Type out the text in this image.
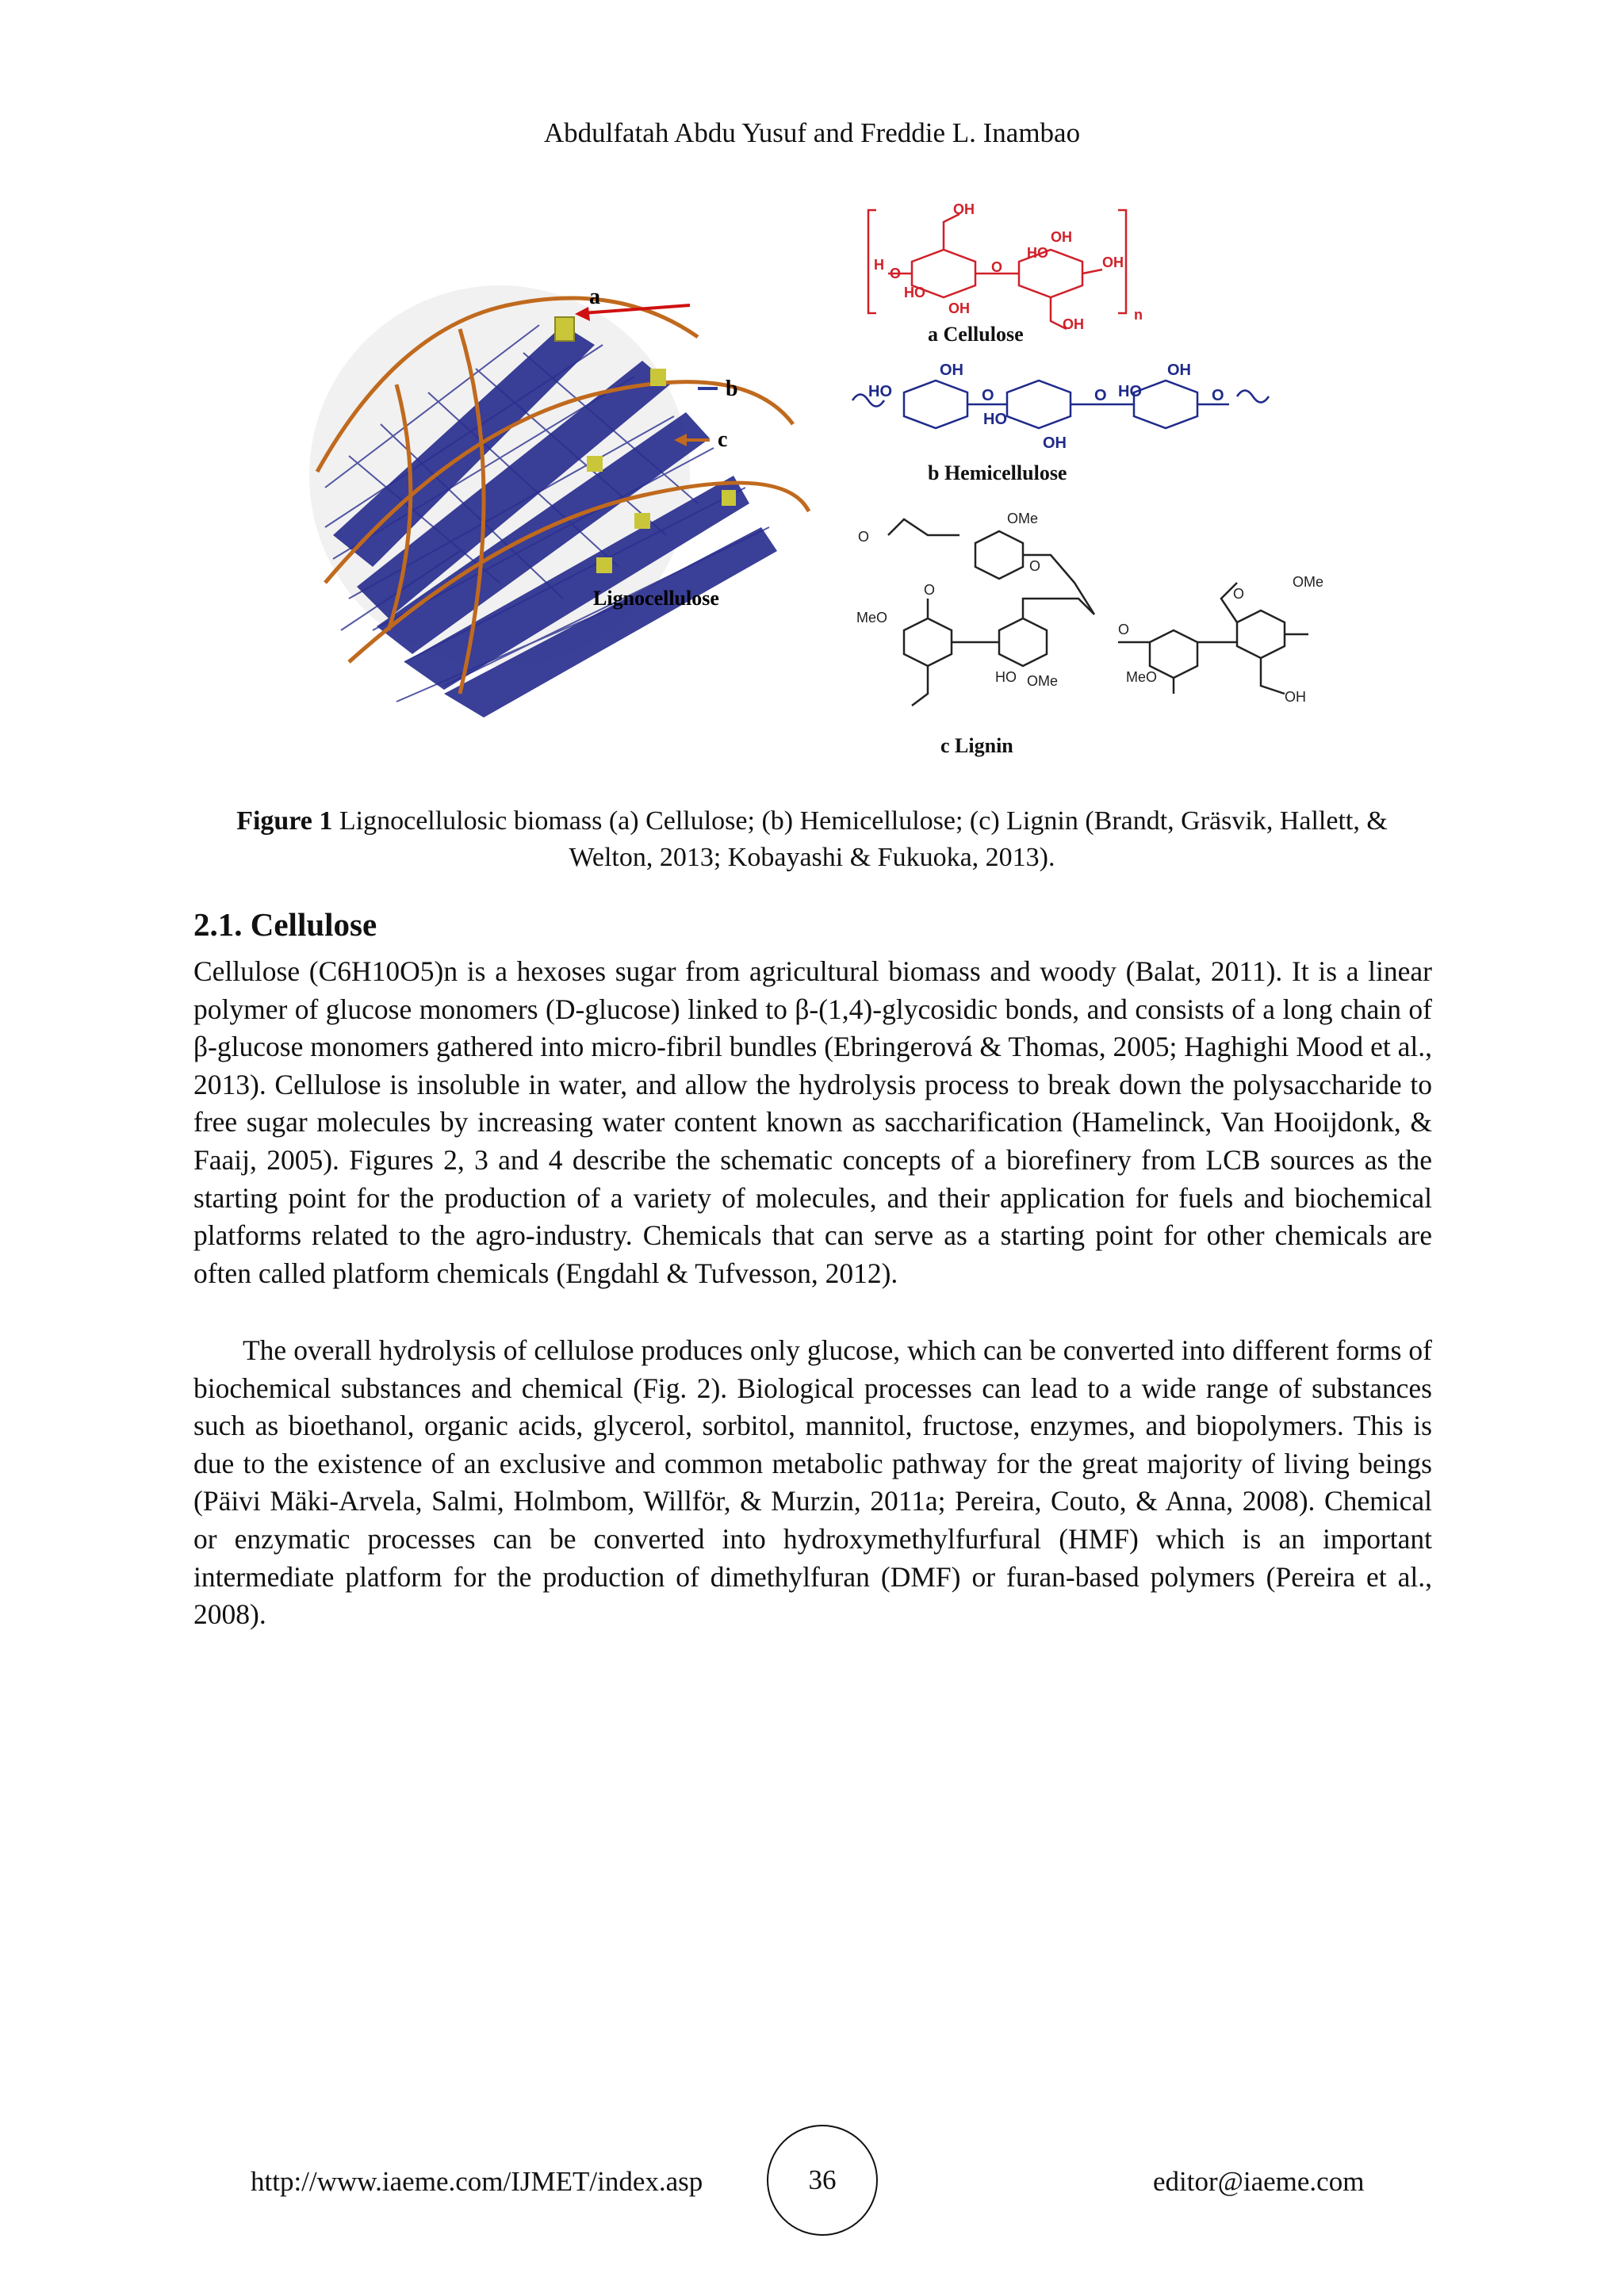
Abdulfatah Abdu Yusuf and Freddie L. Inambao
Lignocellulose
a
b
c
OH
OH
OH
H
O
HO
O
HO
OH
OH
n
a Cellulose
HO
OH
O
HO
OH
O HO
OH
O
b Hemicellulose
O
OMe
O
O
MeO
HO OMe
O
MeO
O
OMe
OH
c Lignin
Figure 1 Lignocellulosic biomass (a) Cellulose; (b) Hemicellulose; (c) Lignin (Brandt, Gräsvik, Hallett, & Welton, 2013; Kobayashi & Fukuoka, 2013).
2.1. Cellulose
Cellulose (C6H10O5)n is a hexoses sugar from agricultural biomass and woody (Balat, 2011). It is a linear polymer of glucose monomers (D-glucose) linked to β-(1,4)-glycosidic bonds, and consists of a long chain of β-glucose monomers gathered into micro-fibril bundles (Ebringerová & Thomas, 2005; Haghighi Mood et al., 2013). Cellulose is insoluble in water, and allow the hydrolysis process to break down the polysaccharide to free sugar molecules by increasing water content known as saccharification (Hamelinck, Van Hooijdonk, & Faaij, 2005). Figures 2, 3 and 4 describe the schematic concepts of a biorefinery from LCB sources as the starting point for the production of a variety of molecules, and their application for fuels and biochemical platforms related to the agro-industry. Chemicals that can serve as a starting point for other chemicals are often called platform chemicals (Engdahl & Tufvesson, 2012).
The overall hydrolysis of cellulose produces only glucose, which can be converted into different forms of biochemical substances and chemical (Fig. 2). Biological processes can lead to a wide range of substances such as bioethanol, organic acids, glycerol, sorbitol, mannitol, fructose, enzymes, and biopolymers. This is due to the existence of an exclusive and common metabolic pathway for the great majority of living beings (Päivi Mäki-Arvela, Salmi, Holmbom, Willför, & Murzin, 2011a; Pereira, Couto, & Anna, 2008). Chemical or enzymatic processes can be converted into hydroxymethylfurfural (HMF) which is an important intermediate platform for the production of dimethylfuran (DMF) or furan-based polymers (Pereira et al., 2008).
http://www.iaeme.com/IJMET/index.asp	36	editor@iaeme.com
